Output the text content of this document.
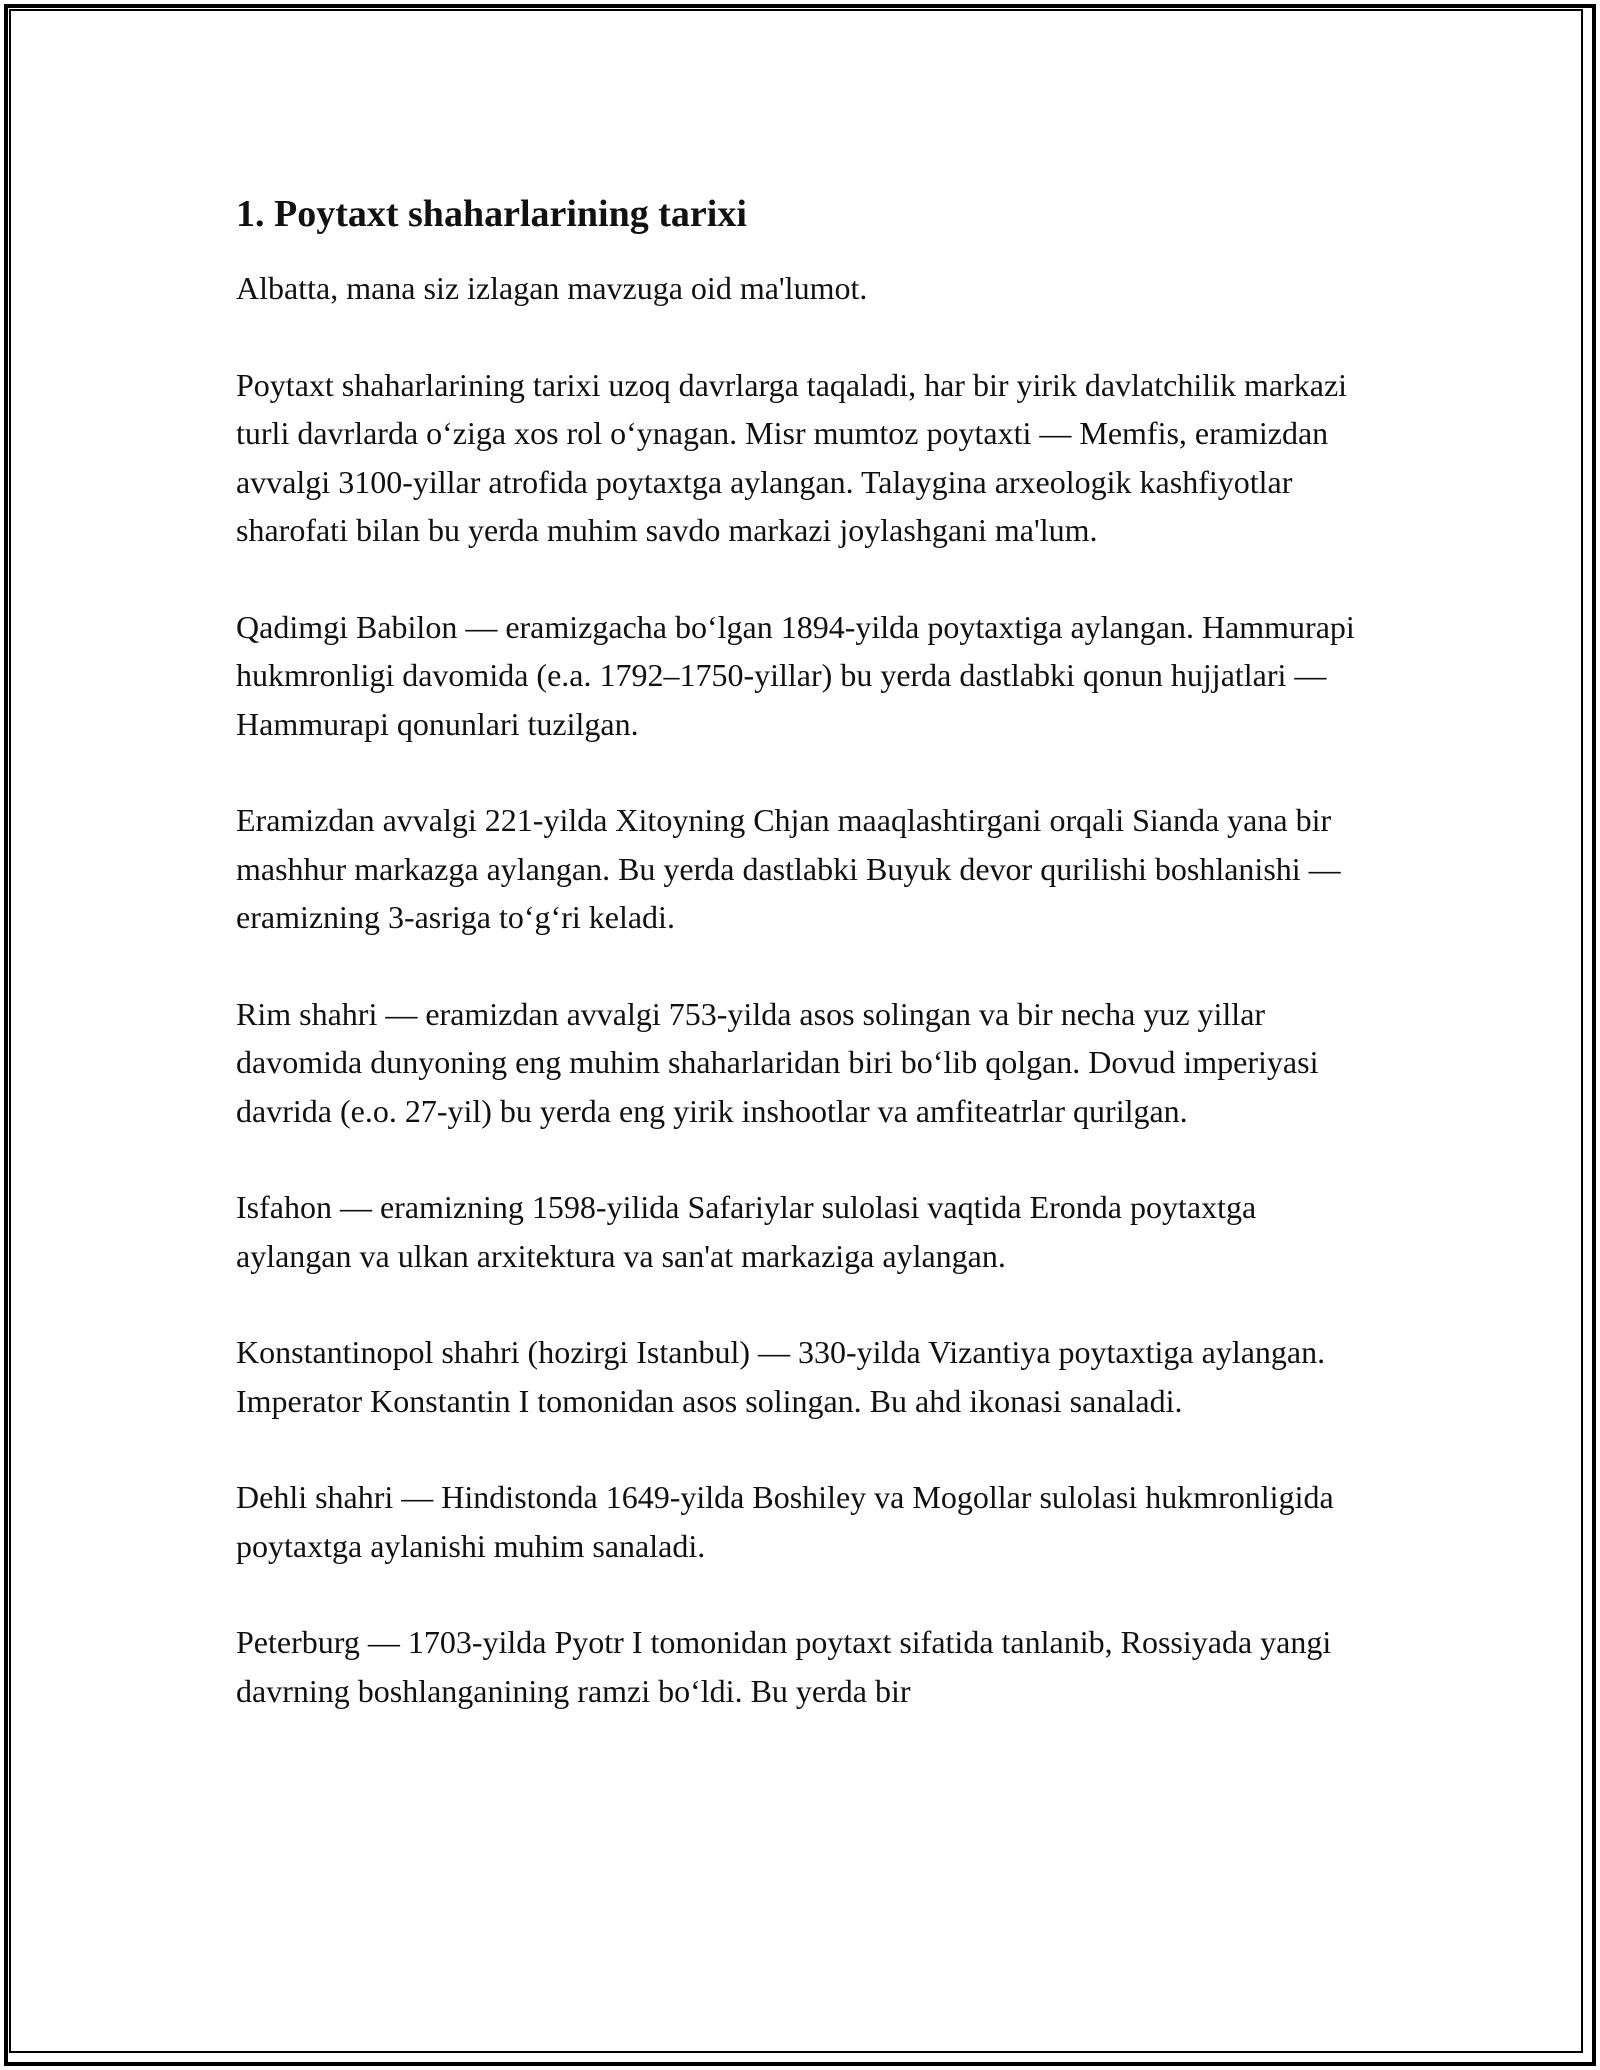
1. Poytaxt shaharlarining tarixi

Albatta, mana siz izlagan mavzuga oid ma'lumot.

Poytaxt shaharlarining tarixi uzoq davrlarga taqaladi, har bir yirik davlatchilik markazi turli davrlarda oʻziga xos rol oʻynagan. Misr mumtoz poytaxti — Memfis, eramizdan avvalgi 3100-yillar atrofida poytaxtga aylangan. Talaygina arxeologik kashfiyotlar sharofati bilan bu yerda muhim savdo markazi joylashgani ma'lum.

Qadimgi Babilon — eramizgacha boʻlgan 1894-yilda poytaxtiga aylangan. Hammurapi hukmronligi davomida (e.a. 1792–1750-yillar) bu yerda dastlabki qonun hujjatlari — Hammurapi qonunlari tuzilgan.

Eramizdan avvalgi 221-yilda Xitoyning Chjan maaqlashtirgani orqali Sianda yana bir mashhur markazga aylangan. Bu yerda dastlabki Buyuk devor qurilishi boshlanishi — eramizning 3-asriga toʻgʻri keladi.

Rim shahri — eramizdan avvalgi 753-yilda asos solingan va bir necha yuz yillar davomida dunyoning eng muhim shaharlaridan biri boʻlib qolgan. Dovud imperiyasi davrida (e.o. 27-yil) bu yerda eng yirik inshootlar va amfiteatrlar qurilgan.

Isfahon — eramizning 1598-yilida Safariylar sulolasi vaqtida Eronda poytaxtga aylangan va ulkan arxitektura va san'at markaziga aylangan.

Konstantinopol shahri (hozirgi Istanbul) — 330-yilda Vizantiya poytaxtiga aylangan. Imperator Konstantin I tomonidan asos solingan. Bu ahd ikonasi sanaladi.

Dehli shahri — Hindistonda 1649-yilda Boshiley va Mogollar sulolasi hukmronligida poytaxtga aylanishi muhim sanaladi.

Peterburg — 1703-yilda Pyotr I tomonidan poytaxt sifatida tanlanib, Rossiyada yangi davrning boshlanganining ramzi boʻldi. Bu yerda bir
